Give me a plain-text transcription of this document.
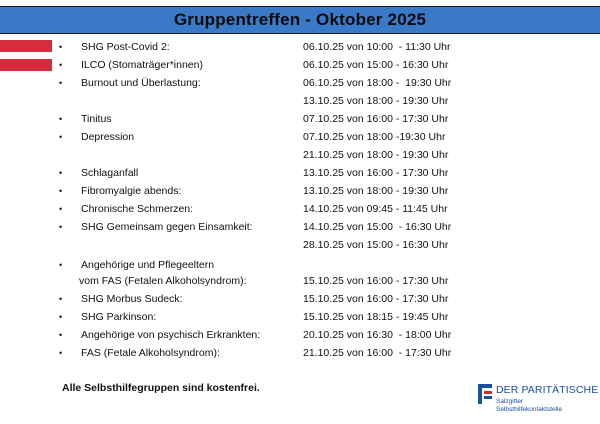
Gruppentreffen - Oktober 2025
• SHG Post-Covid 2:	06.10.25 von 10:00  - 11:30 Uhr
• ILCO (Stomaträger*innen)	06.10.25 von 15:00 - 16:30 Uhr
• Burnout und Überlastung:	06.10.25 von 18:00 -  19:30 Uhr
13.10.25 von 18:00 - 19:30 Uhr
• Tinitus	07.10.25 von 16:00 - 17:30 Uhr
• Depression	07.10.25 von 18:00 -19:30 Uhr
21.10.25 von 18:00 - 19:30 Uhr
• Schlaganfall	13.10.25 von 16:00 - 17:30 Uhr
• Fibromyalgie abends:	13.10.25 von 18:00 - 19:30 Uhr
• Chronische Schmerzen:	14.10.25 von 09:45 - 11:45 Uhr
• SHG Gemeinsam gegen Einsamkeit:	14.10.25 von 15:00  - 16:30 Uhr
28.10.25 von 15:00 - 16:30 Uhr
• Angehörige und Pflegeeltern
vom FAS (Fetalen Alkoholsyndrom):	15.10.25 von 16:00 - 17:30 Uhr
• SHG Morbus Sudeck:	15.10.25 von 16:00 - 17:30 Uhr
• SHG Parkinson:	15.10.25 von 18:15 - 19:45 Uhr
• Angehörige von psychisch Erkrankten:	20.10.25 von 16:30  - 18:00 Uhr
• FAS (Fetale Alkoholsyndrom):	21.10.25 von 16:00  - 17:30 Uhr
Alle Selbsthilfegruppen sind kostenfrei.	DER PARITÄTISCHE
Salzgitter
Selbsthilfekontaktstelle
